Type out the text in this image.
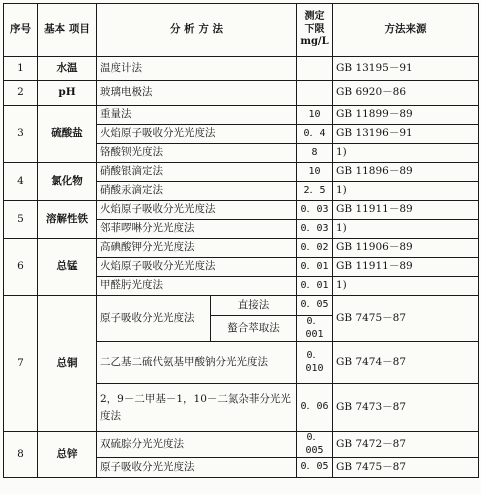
序号	基本 项目	分 析 方 法		测定 下限 mg/L	方法来源
1	水温	温度计法			GB 13195－91
2	pH	玻璃电极法			GB 6920－86
3	硫酸盐	重量法		10	GB 11899－89
		火焰原子吸收分光光度法		0．4	GB 13196－91
		铬酸钡光度法		8	1)
4	氯化物	硝酸银滴定法		10	GB 11896－89
		硝酸汞滴定法		2．5	1)
5	溶解性铁	火焰原子吸收分光光度法		0．03	GB 11911－89
		邻菲啰啉分光光度法		0．03	1)
6	总锰	高碘酸钾分光光度法		0．02	GB 11906－89
		火焰原子吸收分光光度法		0．01	GB 11911－89
		甲醛肟光度法		0．01	1)
7	总铜	原子吸收分光光度法	直接法	0．05	GB 7475－87
			螯合萃取法	0．001	
		二乙基二硫代氨基甲酸钠分光光度法		0．010	GB 7474－87
		2，9－二甲基－1，10－二氮杂菲分光光度法		0．06	GB 7473－87
8	总锌	双硫腙分光光度法		0．005	GB 7472－87
		原子吸收分光光度法		0．05	GB 7475－87
